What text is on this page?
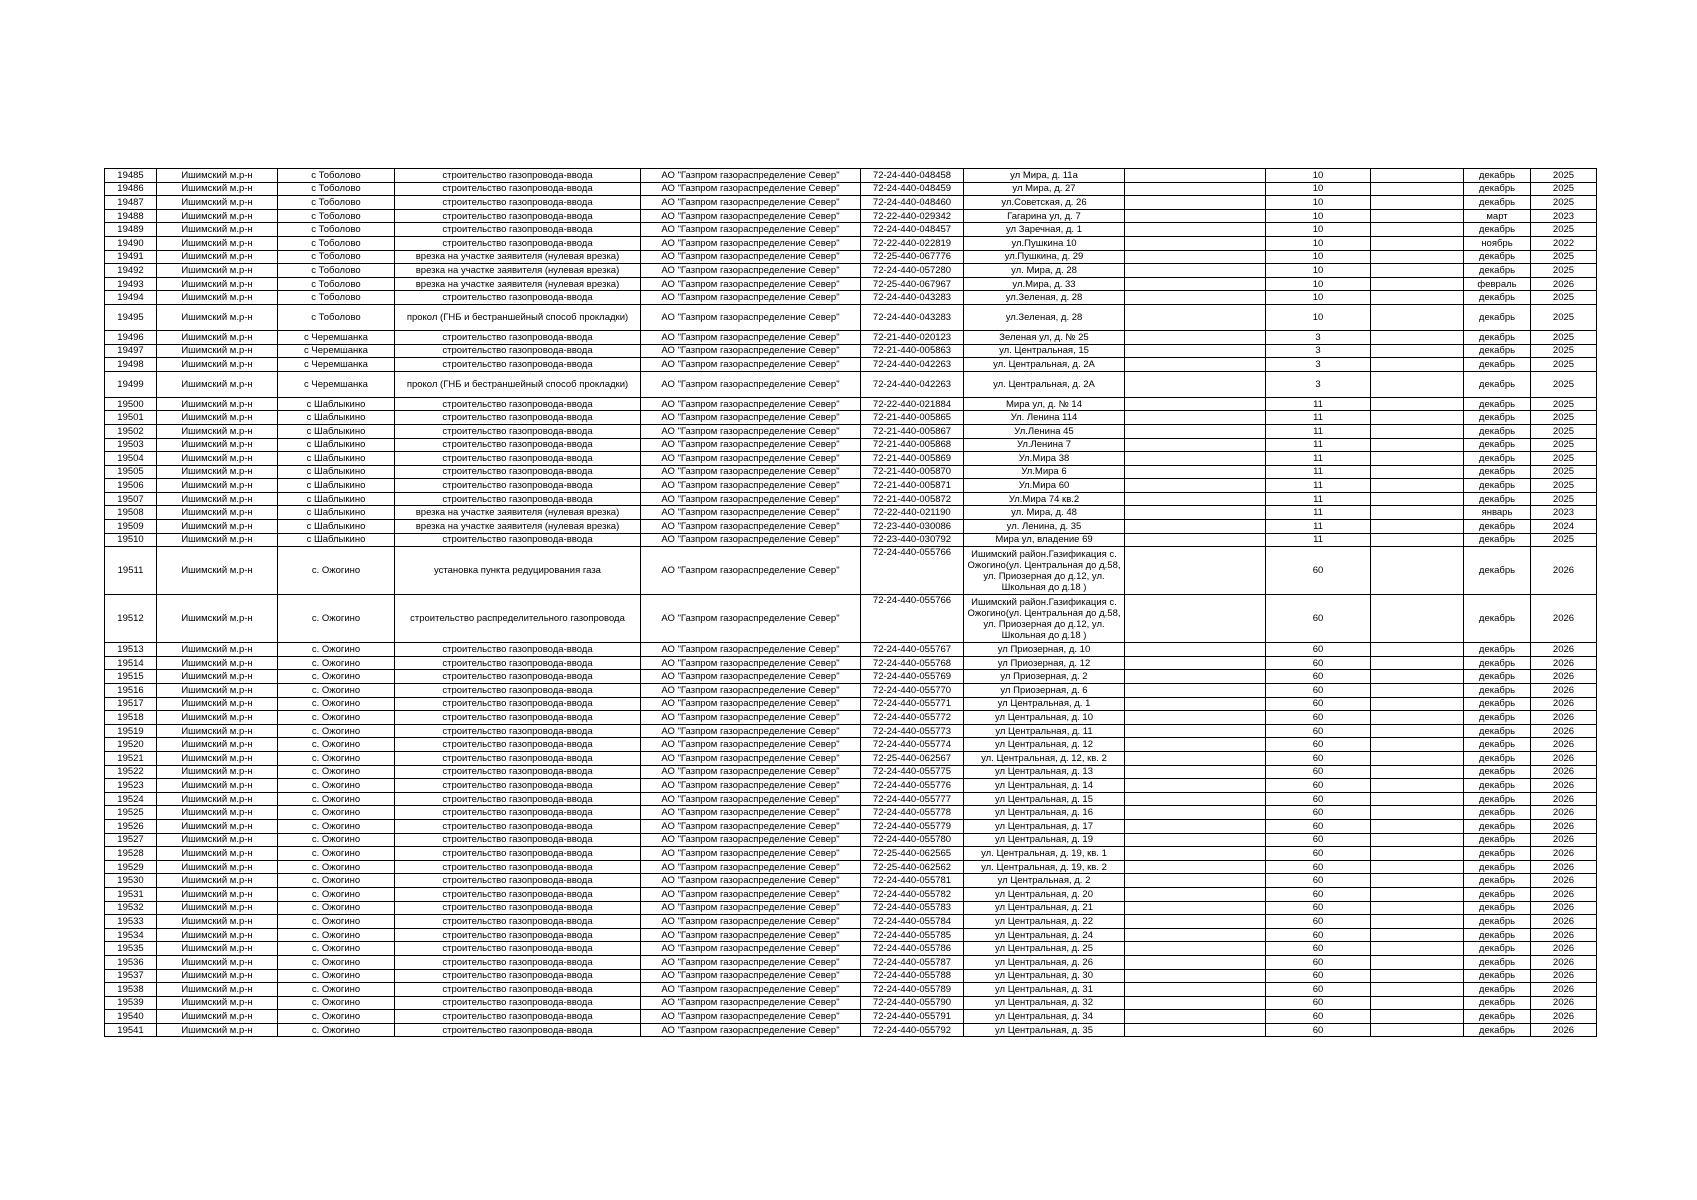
19485	Ишимский м.р-н	с Тоболово	строительство газопровода-ввода	АО "Газпром газораспределение Север"	72-24-440-048458	ул Мира, д. 11а		10		декабрь	2025
19486	Ишимский м.р-н	с Тоболово	строительство газопровода-ввода	АО "Газпром газораспределение Север"	72-24-440-048459	ул Мира, д. 27		10		декабрь	2025
19487	Ишимский м.р-н	с Тоболово	строительство газопровода-ввода	АО "Газпром газораспределение Север"	72-24-440-048460	ул.Советская, д. 26		10		декабрь	2025
19488	Ишимский м.р-н	с Тоболово	строительство газопровода-ввода	АО "Газпром газораспределение Север"	72-22-440-029342	Гагарина ул, д. 7		10		март	2023
19489	Ишимский м.р-н	с Тоболово	строительство газопровода-ввода	АО "Газпром газораспределение Север"	72-24-440-048457	ул Заречная, д. 1		10		декабрь	2025
19490	Ишимский м.р-н	с Тоболово	строительство газопровода-ввода	АО "Газпром газораспределение Север"	72-22-440-022819	ул.Пушкина 10		10		ноябрь	2022
19491	Ишимский м.р-н	с Тоболово	врезка на участке заявителя (нулевая врезка)	АО "Газпром газораспределение Север"	72-25-440-067776	ул.Пушкина, д. 29		10		декабрь	2025
19492	Ишимский м.р-н	с Тоболово	врезка на участке заявителя (нулевая врезка)	АО "Газпром газораспределение Север"	72-24-440-057280	ул. Мира, д. 28		10		декабрь	2025
19493	Ишимский м.р-н	с Тоболово	врезка на участке заявителя (нулевая врезка)	АО "Газпром газораспределение Север"	72-25-440-067967	ул.Мира, д. 33		10		февраль	2026
19494	Ишимский м.р-н	с Тоболово	строительство газопровода-ввода	АО "Газпром газораспределение Север"	72-24-440-043283	ул.Зеленая, д. 28		10		декабрь	2025
19495	Ишимский м.р-н	с Тоболово	прокол (ГНБ и бестраншейный способ прокладки)	АО "Газпром газораспределение Север"	72-24-440-043283	ул.Зеленая, д. 28		10		декабрь	2025
19496	Ишимский м.р-н	с Черемшанка	строительство газопровода-ввода	АО "Газпром газораспределение Север"	72-21-440-020123	Зеленая ул, д. № 25		3		декабрь	2025
19497	Ишимский м.р-н	с Черемшанка	строительство газопровода-ввода	АО "Газпром газораспределение Север"	72-21-440-005863	ул. Центральная, 15		3		декабрь	2025
19498	Ишимский м.р-н	с Черемшанка	строительство газопровода-ввода	АО "Газпром газораспределение Север"	72-24-440-042263	ул. Центральная, д. 2А		3		декабрь	2025
19499	Ишимский м.р-н	с Черемшанка	прокол (ГНБ и бестраншейный способ прокладки)	АО "Газпром газораспределение Север"	72-24-440-042263	ул. Центральная, д. 2А		3		декабрь	2025
19500	Ишимский м.р-н	с Шаблыкино	строительство газопровода-ввода	АО "Газпром газораспределение Север"	72-22-440-021884	Мира ул, д. № 14		11		декабрь	2025
19501	Ишимский м.р-н	с Шаблыкино	строительство газопровода-ввода	АО "Газпром газораспределение Север"	72-21-440-005865	Ул. Ленина 114		11		декабрь	2025
19502	Ишимский м.р-н	с Шаблыкино	строительство газопровода-ввода	АО "Газпром газораспределение Север"	72-21-440-005867	Ул.Ленина 45		11		декабрь	2025
19503	Ишимский м.р-н	с Шаблыкино	строительство газопровода-ввода	АО "Газпром газораспределение Север"	72-21-440-005868	Ул.Ленина 7		11		декабрь	2025
19504	Ишимский м.р-н	с Шаблыкино	строительство газопровода-ввода	АО "Газпром газораспределение Север"	72-21-440-005869	Ул.Мира 38		11		декабрь	2025
19505	Ишимский м.р-н	с Шаблыкино	строительство газопровода-ввода	АО "Газпром газораспределение Север"	72-21-440-005870	Ул.Мира 6		11		декабрь	2025
19506	Ишимский м.р-н	с Шаблыкино	строительство газопровода-ввода	АО "Газпром газораспределение Север"	72-21-440-005871	Ул.Мира 60		11		декабрь	2025
19507	Ишимский м.р-н	с Шаблыкино	строительство газопровода-ввода	АО "Газпром газораспределение Север"	72-21-440-005872	Ул.Мира 74 кв.2		11		декабрь	2025
19508	Ишимский м.р-н	с Шаблыкино	врезка на участке заявителя (нулевая врезка)	АО "Газпром газораспределение Север"	72-22-440-021190	ул. Мира, д. 48		11		январь	2023
19509	Ишимский м.р-н	с Шаблыкино	врезка на участке заявителя (нулевая врезка)	АО "Газпром газораспределение Север"	72-23-440-030086	ул. Ленина, д. 35		11		декабрь	2024
19510	Ишимский м.р-н	с Шаблыкино	строительство газопровода-ввода	АО "Газпром газораспределение Север"	72-23-440-030792	Мира ул, владение 69		11		декабрь	2025
19511	Ишимский м.р-н	с. Ожогино	установка пункта редуцирования газа	АО "Газпром газораспределение Север"	72-24-440-055766	Ишимский район.Газификация с. Ожогино(ул. Центральная до д.58, ул. Приозерная до д.12, ул. Школьная до д.18 )		60		декабрь	2026
19512	Ишимский м.р-н	с. Ожогино	строительство распределительного газопровода	АО "Газпром газораспределение Север"	72-24-440-055766	Ишимский район.Газификация с. Ожогино(ул. Центральная до д.58, ул. Приозерная до д.12, ул. Школьная до д.18 )		60		декабрь	2026
19513	Ишимский м.р-н	с. Ожогино	строительство газопровода-ввода	АО "Газпром газораспределение Север"	72-24-440-055767	ул Приозерная, д. 10		60		декабрь	2026
19514	Ишимский м.р-н	с. Ожогино	строительство газопровода-ввода	АО "Газпром газораспределение Север"	72-24-440-055768	ул Приозерная, д. 12		60		декабрь	2026
19515	Ишимский м.р-н	с. Ожогино	строительство газопровода-ввода	АО "Газпром газораспределение Север"	72-24-440-055769	ул Приозерная, д. 2		60		декабрь	2026
19516	Ишимский м.р-н	с. Ожогино	строительство газопровода-ввода	АО "Газпром газораспределение Север"	72-24-440-055770	ул Приозерная, д. 6		60		декабрь	2026
19517	Ишимский м.р-н	с. Ожогино	строительство газопровода-ввода	АО "Газпром газораспределение Север"	72-24-440-055771	ул Центральная, д. 1		60		декабрь	2026
19518	Ишимский м.р-н	с. Ожогино	строительство газопровода-ввода	АО "Газпром газораспределение Север"	72-24-440-055772	ул Центральная, д. 10		60		декабрь	2026
19519	Ишимский м.р-н	с. Ожогино	строительство газопровода-ввода	АО "Газпром газораспределение Север"	72-24-440-055773	ул Центральная, д. 11		60		декабрь	2026
19520	Ишимский м.р-н	с. Ожогино	строительство газопровода-ввода	АО "Газпром газораспределение Север"	72-24-440-055774	ул Центральная, д. 12		60		декабрь	2026
19521	Ишимский м.р-н	с. Ожогино	строительство газопровода-ввода	АО "Газпром газораспределение Север"	72-25-440-062567	ул. Центральная, д. 12, кв. 2		60		декабрь	2026
19522	Ишимский м.р-н	с. Ожогино	строительство газопровода-ввода	АО "Газпром газораспределение Север"	72-24-440-055775	ул Центральная, д. 13		60		декабрь	2026
19523	Ишимский м.р-н	с. Ожогино	строительство газопровода-ввода	АО "Газпром газораспределение Север"	72-24-440-055776	ул Центральная, д. 14		60		декабрь	2026
19524	Ишимский м.р-н	с. Ожогино	строительство газопровода-ввода	АО "Газпром газораспределение Север"	72-24-440-055777	ул Центральная, д. 15		60		декабрь	2026
19525	Ишимский м.р-н	с. Ожогино	строительство газопровода-ввода	АО "Газпром газораспределение Север"	72-24-440-055778	ул Центральная, д. 16		60		декабрь	2026
19526	Ишимский м.р-н	с. Ожогино	строительство газопровода-ввода	АО "Газпром газораспределение Север"	72-24-440-055779	ул Центральная, д. 17		60		декабрь	2026
19527	Ишимский м.р-н	с. Ожогино	строительство газопровода-ввода	АО "Газпром газораспределение Север"	72-24-440-055780	ул Центральная, д. 19		60		декабрь	2026
19528	Ишимский м.р-н	с. Ожогино	строительство газопровода-ввода	АО "Газпром газораспределение Север"	72-25-440-062565	ул. Центральная, д. 19, кв. 1		60		декабрь	2026
19529	Ишимский м.р-н	с. Ожогино	строительство газопровода-ввода	АО "Газпром газораспределение Север"	72-25-440-062562	ул. Центральная, д. 19, кв. 2		60		декабрь	2026
19530	Ишимский м.р-н	с. Ожогино	строительство газопровода-ввода	АО "Газпром газораспределение Север"	72-24-440-055781	ул Центральная, д. 2		60		декабрь	2026
19531	Ишимский м.р-н	с. Ожогино	строительство газопровода-ввода	АО "Газпром газораспределение Север"	72-24-440-055782	ул Центральная, д. 20		60		декабрь	2026
19532	Ишимский м.р-н	с. Ожогино	строительство газопровода-ввода	АО "Газпром газораспределение Север"	72-24-440-055783	ул Центральная, д. 21		60		декабрь	2026
19533	Ишимский м.р-н	с. Ожогино	строительство газопровода-ввода	АО "Газпром газораспределение Север"	72-24-440-055784	ул Центральная, д. 22		60		декабрь	2026
19534	Ишимский м.р-н	с. Ожогино	строительство газопровода-ввода	АО "Газпром газораспределение Север"	72-24-440-055785	ул Центральная, д. 24		60		декабрь	2026
19535	Ишимский м.р-н	с. Ожогино	строительство газопровода-ввода	АО "Газпром газораспределение Север"	72-24-440-055786	ул Центральная, д. 25		60		декабрь	2026
19536	Ишимский м.р-н	с. Ожогино	строительство газопровода-ввода	АО "Газпром газораспределение Север"	72-24-440-055787	ул Центральная, д. 26		60		декабрь	2026
19537	Ишимский м.р-н	с. Ожогино	строительство газопровода-ввода	АО "Газпром газораспределение Север"	72-24-440-055788	ул Центральная, д. 30		60		декабрь	2026
19538	Ишимский м.р-н	с. Ожогино	строительство газопровода-ввода	АО "Газпром газораспределение Север"	72-24-440-055789	ул Центральная, д. 31		60		декабрь	2026
19539	Ишимский м.р-н	с. Ожогино	строительство газопровода-ввода	АО "Газпром газораспределение Север"	72-24-440-055790	ул Центральная, д. 32		60		декабрь	2026
19540	Ишимский м.р-н	с. Ожогино	строительство газопровода-ввода	АО "Газпром газораспределение Север"	72-24-440-055791	ул Центральная, д. 34		60		декабрь	2026
19541	Ишимский м.р-н	с. Ожогино	строительство газопровода-ввода	АО "Газпром газораспределение Север"	72-24-440-055792	ул Центральная, д. 35		60		декабрь	2026
